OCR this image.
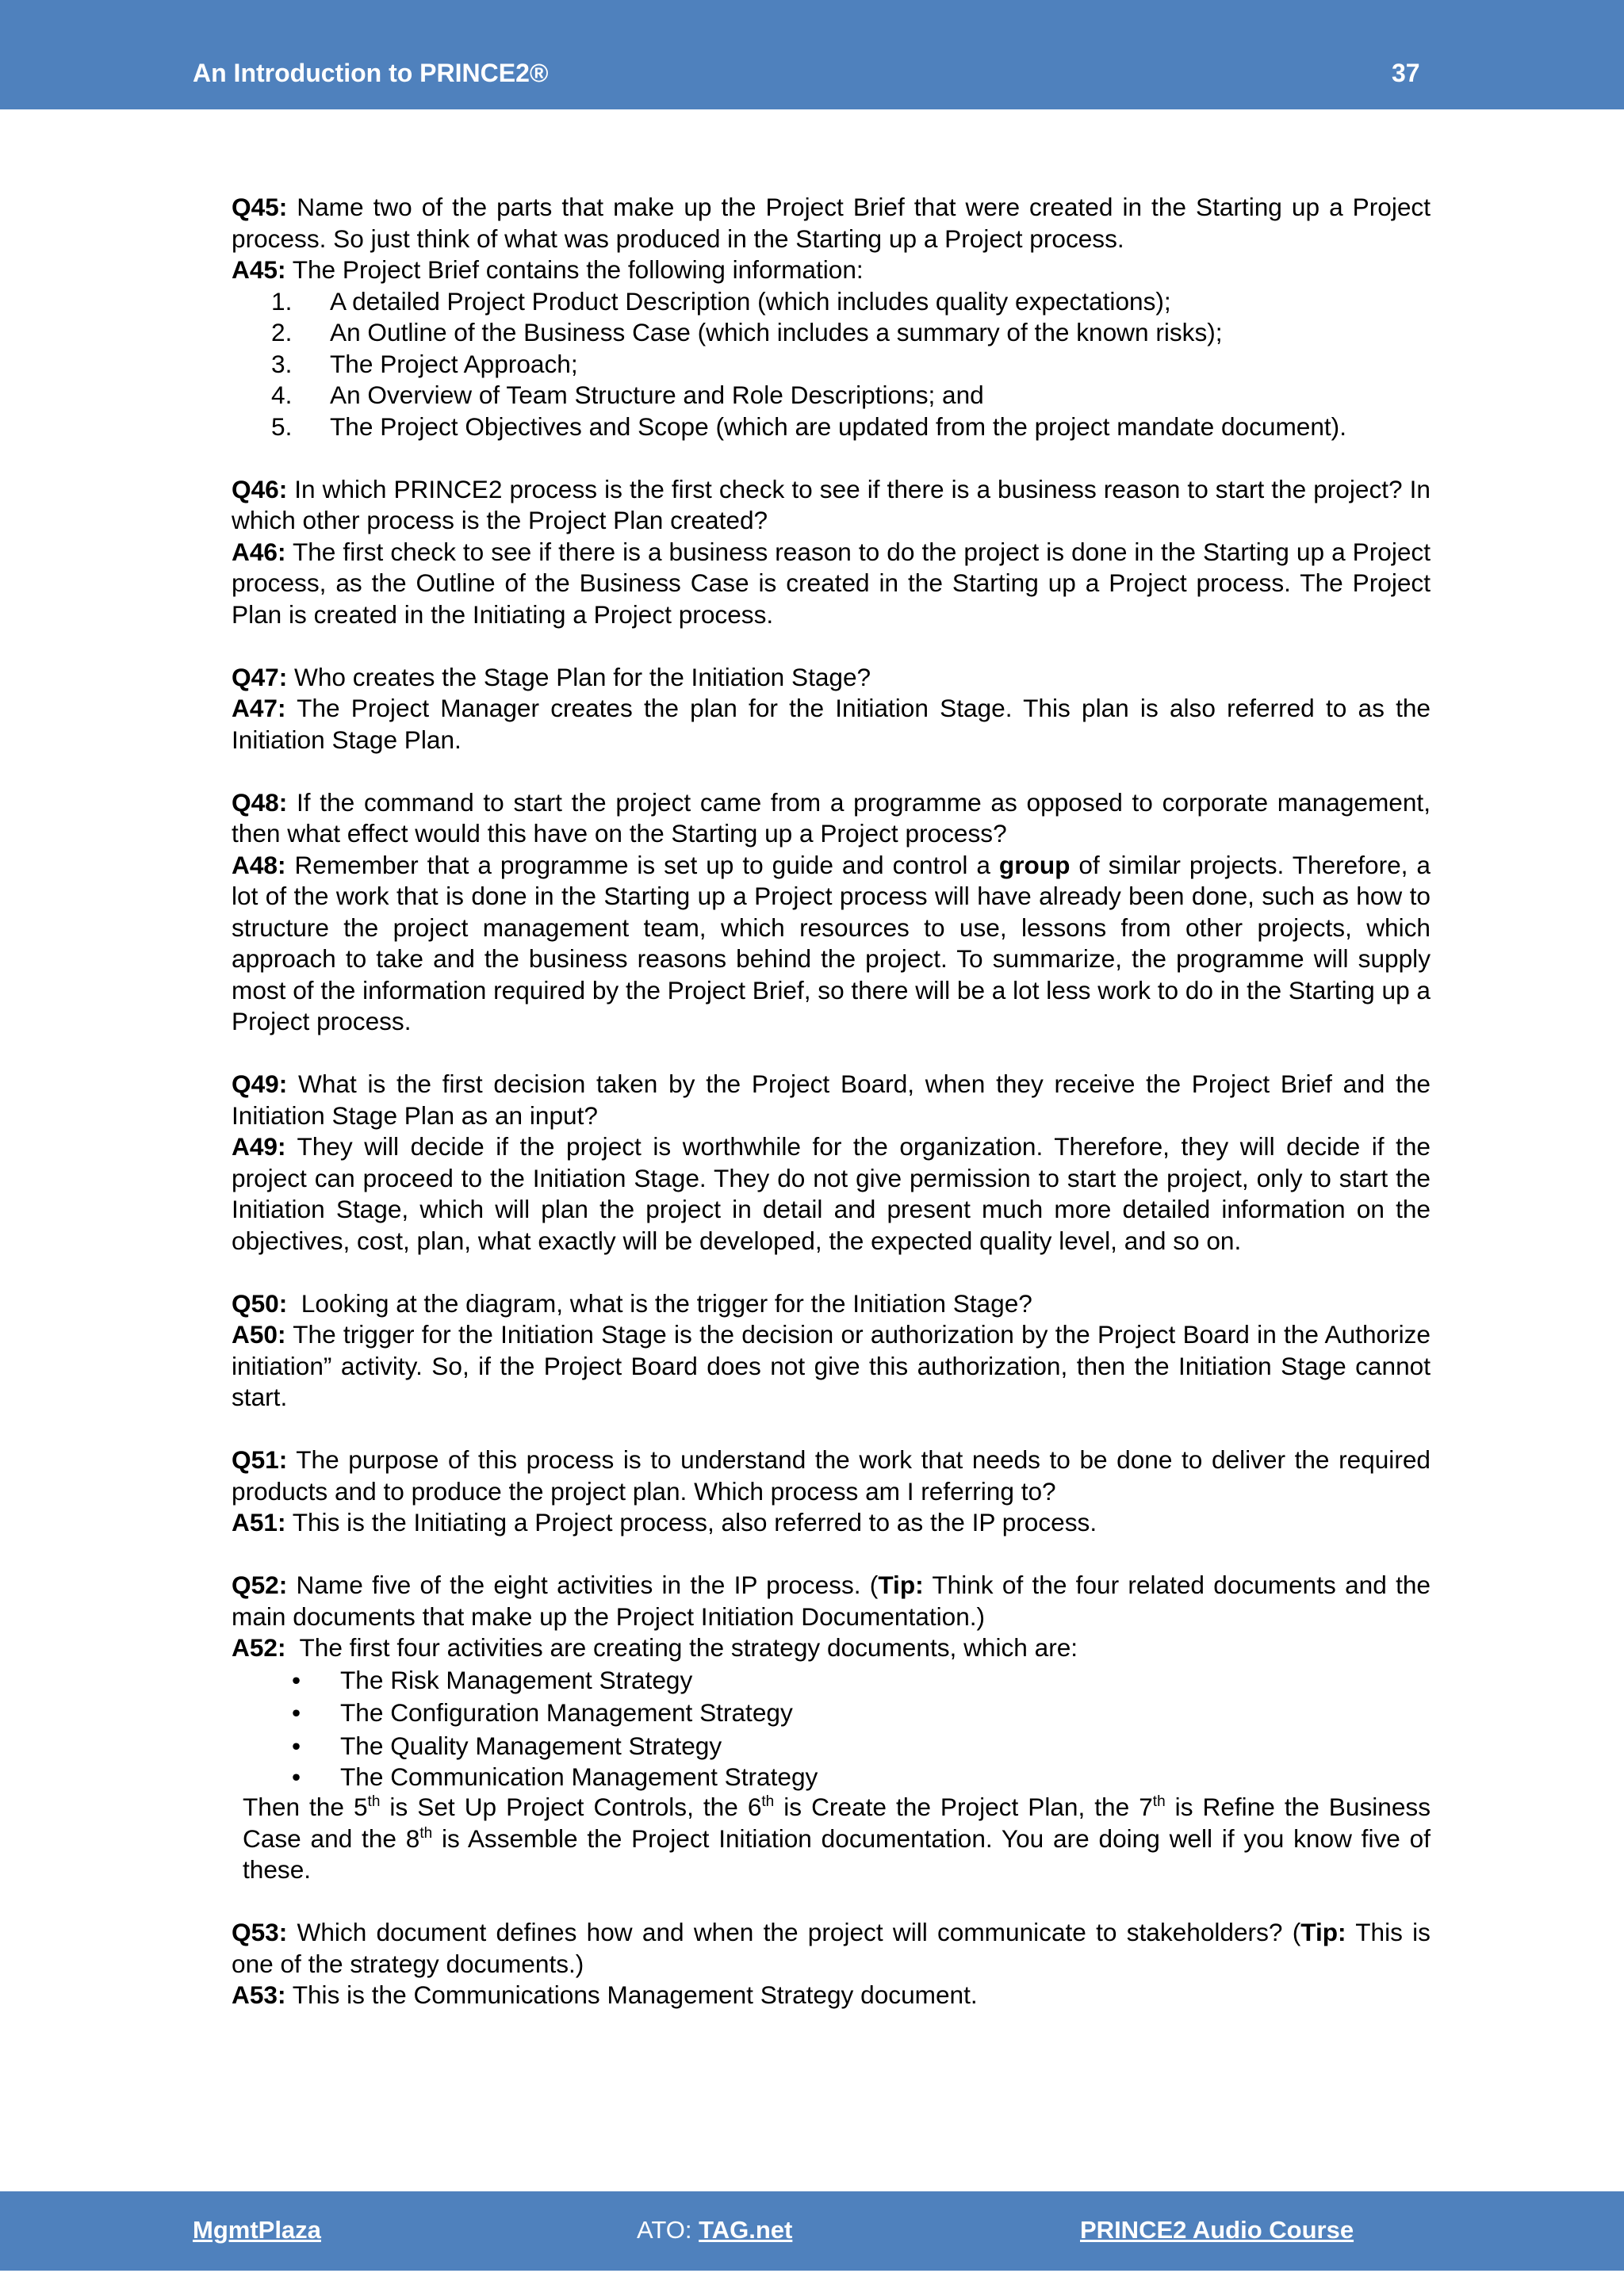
An Introduction to PRINCE2®	37

Q45: Name two of the parts that make up the Project Brief that were created in the Starting up a Project process. So just think of what was produced in the Starting up a Project process.

A45: The Project Brief contains the following information:

1. A detailed Project Product Description (which includes quality expectations);
2. An Outline of the Business Case (which includes a summary of the known risks);
3. The Project Approach;
4. An Overview of Team Structure and Role Descriptions; and
5. The Project Objectives and Scope (which are updated from the project mandate document).

Q46: In which PRINCE2 process is the first check to see if there is a business reason to start the project? In which other process is the Project Plan created?

A46: The first check to see if there is a business reason to do the project is done in the Starting up a Project process, as the Outline of the Business Case is created in the Starting up a Project process. The Project Plan is created in the Initiating a Project process.

Q47: Who creates the Stage Plan for the Initiation Stage?

A47: The Project Manager creates the plan for the Initiation Stage. This plan is also referred to as the Initiation Stage Plan.

Q48: If the command to start the project came from a programme as opposed to corporate management, then what effect would this have on the Starting up a Project process?

A48: Remember that a programme is set up to guide and control a group of similar projects. Therefore, a lot of the work that is done in the Starting up a Project process will have already been done, such as how to structure the project management team, which resources to use, lessons from other projects, which approach to take and the business reasons behind the project. To summarize, the programme will supply most of the information required by the Project Brief, so there will be a lot less work to do in the Starting up a Project process.

Q49: What is the first decision taken by the Project Board, when they receive the Project Brief and the Initiation Stage Plan as an input?

A49: They will decide if the project is worthwhile for the organization. Therefore, they will decide if the project can proceed to the Initiation Stage. They do not give permission to start the project, only to start the Initiation Stage, which will plan the project in detail and present much more detailed information on the objectives, cost, plan, what exactly will be developed, the expected quality level, and so on.

Q50:  Looking at the diagram, what is the trigger for the Initiation Stage?

A50: The trigger for the Initiation Stage is the decision or authorization by the Project Board in the Authorize initiation” activity. So, if the Project Board does not give this authorization, then the Initiation Stage cannot start.

Q51: The purpose of this process is to understand the work that needs to be done to deliver the required products and to produce the project plan. Which process am I referring to?

A51: This is the Initiating a Project process, also referred to as the IP process.

Q52: Name five of the eight activities in the IP process. (Tip: Think of the four related documents and the main documents that make up the Project Initiation Documentation.)

A52:  The first four activities are creating the strategy documents, which are:

• The Risk Management Strategy
• The Configuration Management Strategy
• The Quality Management Strategy
• The Communication Management Strategy

Then the 5th is Set Up Project Controls, the 6th is Create the Project Plan, the 7th is Refine the Business Case and the 8th is Assemble the Project Initiation documentation. You are doing well if you know five of these.

Q53: Which document defines how and when the project will communicate to stakeholders? (Tip: This is one of the strategy documents.)

A53: This is the Communications Management Strategy document.

MgmtPlaza	ATO: TAG.net	PRINCE2 Audio Course
